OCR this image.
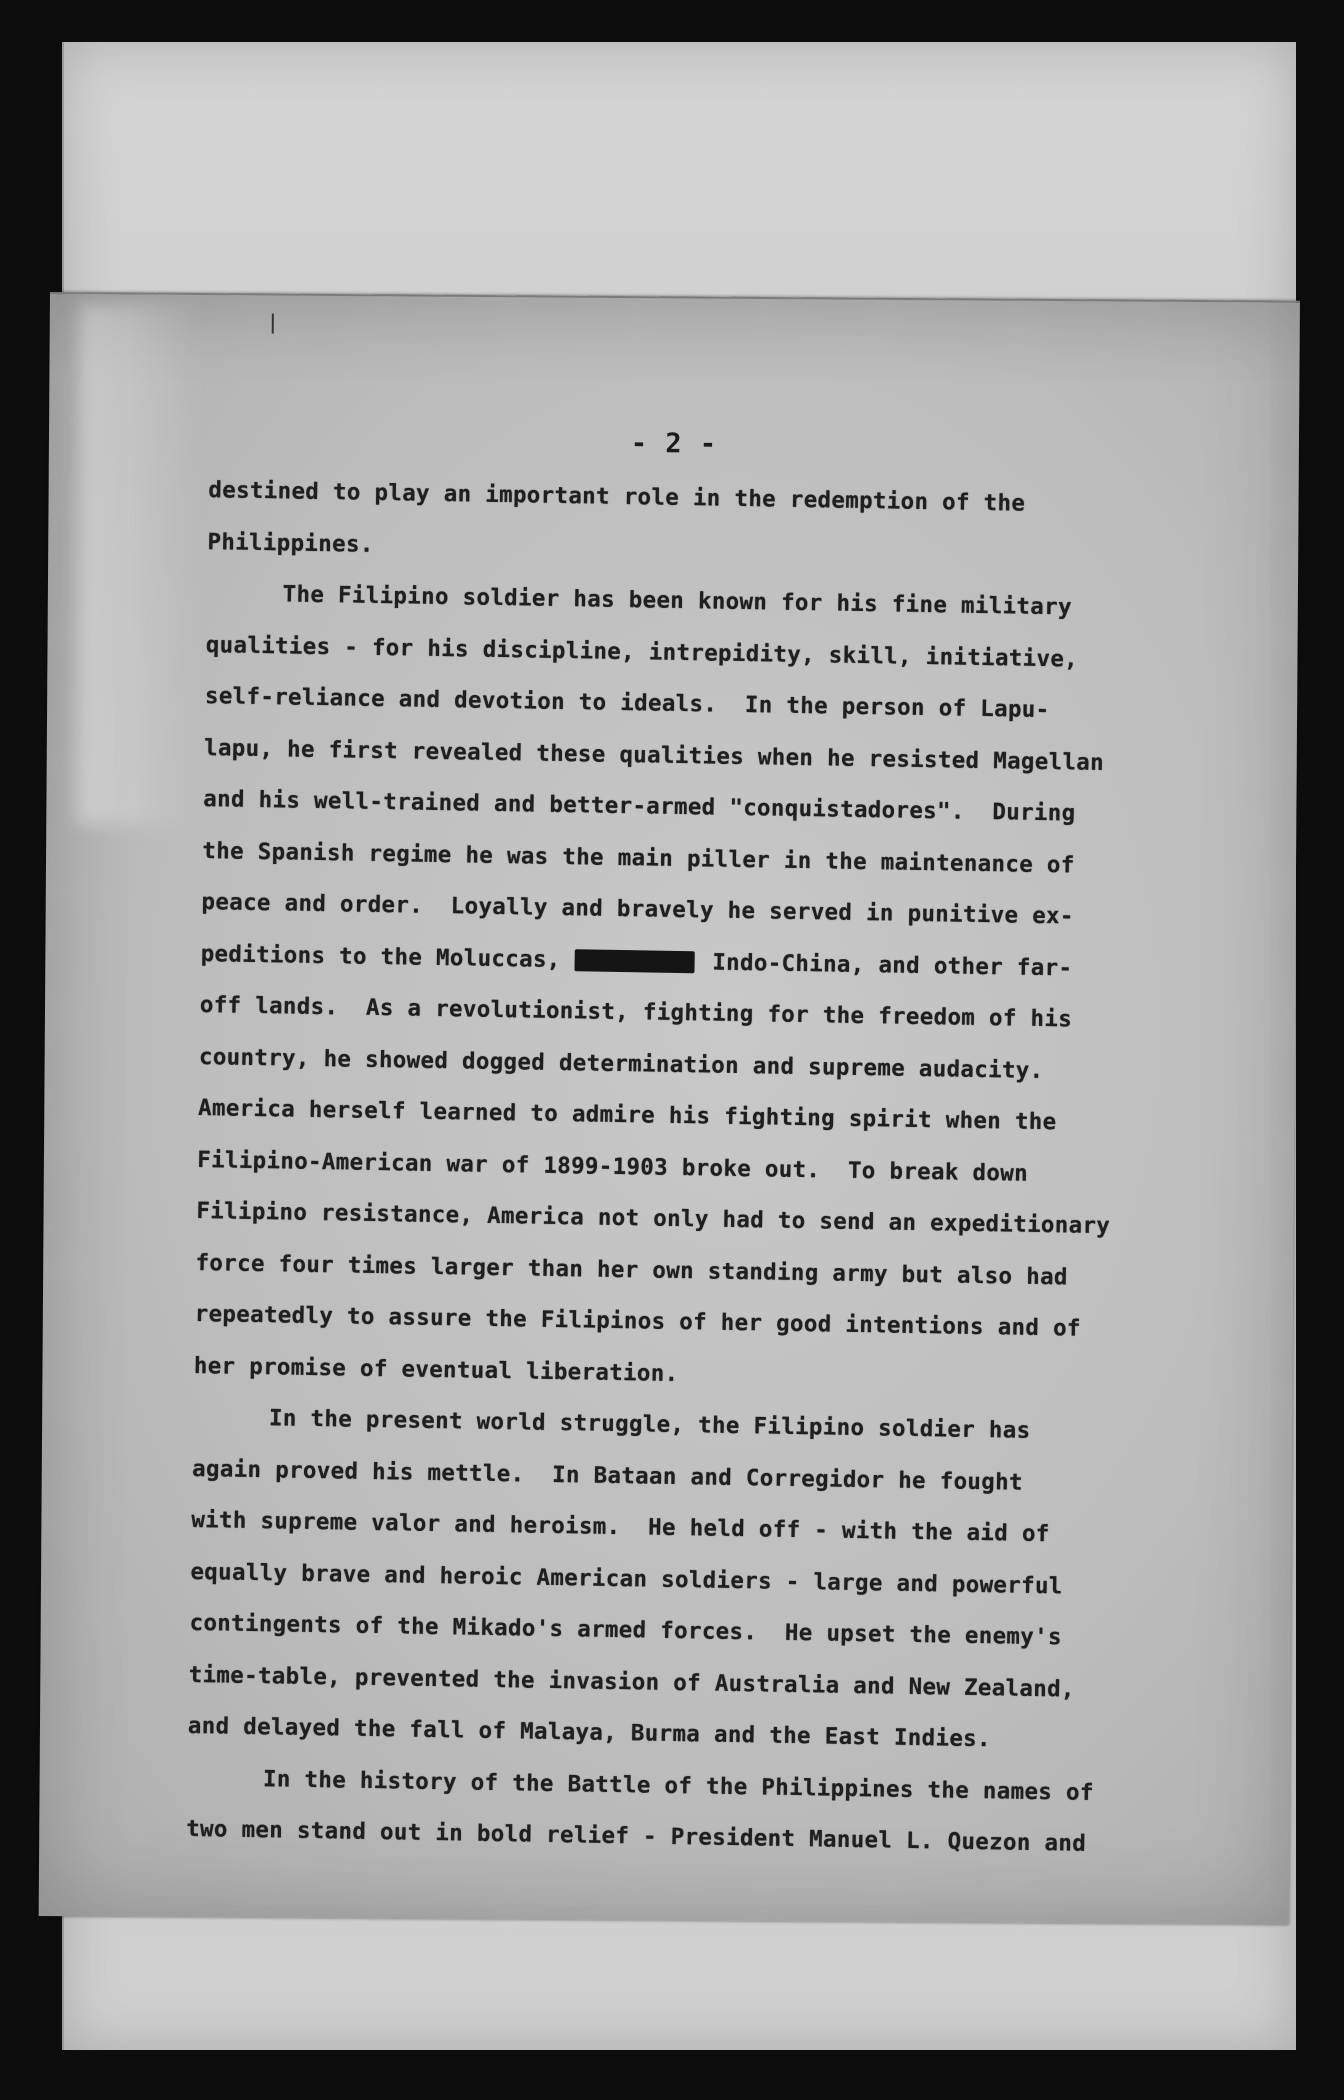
- 2 -
destined to play an important role in the redemption of the
Philippines.
The Filipino soldier has been known for his fine military
qualities - for his discipline, intrepidity, skill, initiative,
self-reliance and devotion to ideals.  In the person of Lapu-
lapu, he first revealed these qualities when he resisted Magellan
and his well-trained and better-armed "conquistadores".  During
the Spanish regime he was the main piller in the maintenance of
peace and order.  Loyally and bravely he served in punitive ex-
peditions to the Moluccas,	Indo-China, and other far-
off lands.  As a revolutionist, fighting for the freedom of his
country, he showed dogged determination and supreme audacity.
America herself learned to admire his fighting spirit when the
Filipino-American war of 1899-1903 broke out.  To break down
Filipino resistance, America not only had to send an expeditionary
force four times larger than her own standing army but also had
repeatedly to assure the Filipinos of her good intentions and of
her promise of eventual liberation.
In the present world struggle, the Filipino soldier has
again proved his mettle.  In Bataan and Corregidor he fought
with supreme valor and heroism.  He held off - with the aid of
equally brave and heroic American soldiers - large and powerful
contingents of the Mikado's armed forces.  He upset the enemy's
time-table, prevented the invasion of Australia and New Zealand,
and delayed the fall of Malaya, Burma and the East Indies.
In the history of the Battle of the Philippines the names of
two men stand out in bold relief - President Manuel L. Quezon and
